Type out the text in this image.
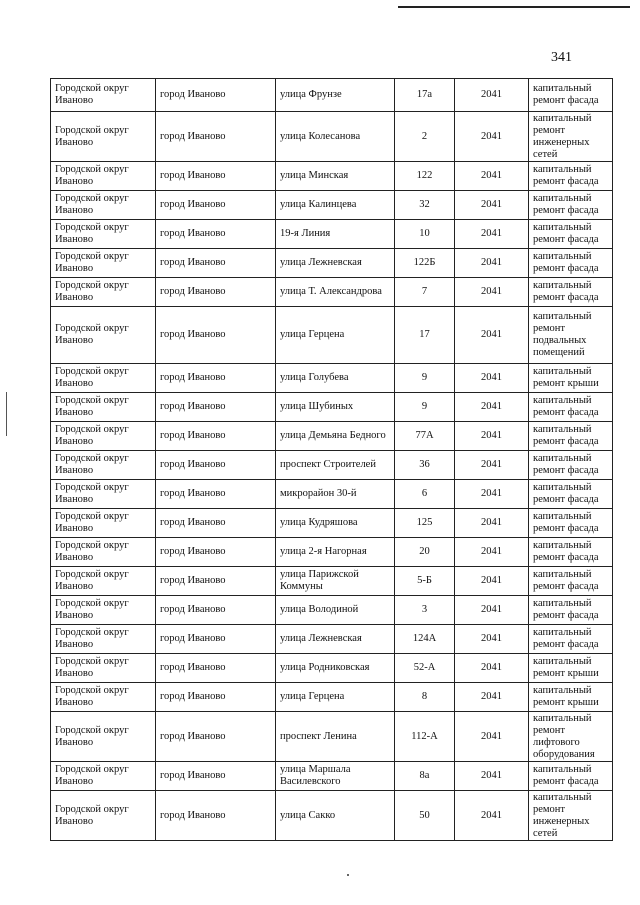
341
Городской округ Иваново	город Иваново	улица Фрунзе	17а	2041	капитальный ремонт фасада
Городской округ Иваново	город Иваново	улица Колесанова	2	2041	капитальный ремонт инженерных сетей
Городской округ Иваново	город Иваново	улица Минская	122	2041	капитальный ремонт фасада
Городской округ Иваново	город Иваново	улица Калинцева	32	2041	капитальный ремонт фасада
Городской округ Иваново	город Иваново	19-я Линия	10	2041	капитальный ремонт фасада
Городской округ Иваново	город Иваново	улица Лежневская	122Б	2041	капитальный ремонт фасада
Городской округ Иваново	город Иваново	улица Т. Александрова	7	2041	капитальный ремонт фасада
Городской округ Иваново	город Иваново	улица Герцена	17	2041	капитальный ремонт подвальных помещений
Городской округ Иваново	город Иваново	улица Голубева	9	2041	капитальный ремонт крыши
Городской округ Иваново	город Иваново	улица Шубиных	9	2041	капитальный ремонт фасада
Городской округ Иваново	город Иваново	улица Демьяна Бедного	77А	2041	капитальный ремонт фасада
Городской округ Иваново	город Иваново	проспект Строителей	36	2041	капитальный ремонт фасада
Городской округ Иваново	город Иваново	микрорайон 30-й	6	2041	капитальный ремонт фасада
Городской округ Иваново	город Иваново	улица Кудряшова	125	2041	капитальный ремонт фасада
Городской округ Иваново	город Иваново	улица 2-я Нагорная	20	2041	капитальный ремонт фасада
Городской округ Иваново	город Иваново	улица Парижской Коммуны	5-Б	2041	капитальный ремонт фасада
Городской округ Иваново	город Иваново	улица Володиной	3	2041	капитальный ремонт фасада
Городской округ Иваново	город Иваново	улица Лежневская	124А	2041	капитальный ремонт фасада
Городской округ Иваново	город Иваново	улица Родниковская	52-А	2041	капитальный ремонт крыши
Городской округ Иваново	город Иваново	улица Герцена	8	2041	капитальный ремонт крыши
Городской округ Иваново	город Иваново	проспект Ленина	112-А	2041	капитальный ремонт лифтового оборудования
Городской округ Иваново	город Иваново	улица Маршала Василевского	8а	2041	капитальный ремонт фасада
Городской округ Иваново	город Иваново	улица Сакко	50	2041	капитальный ремонт инженерных сетей
